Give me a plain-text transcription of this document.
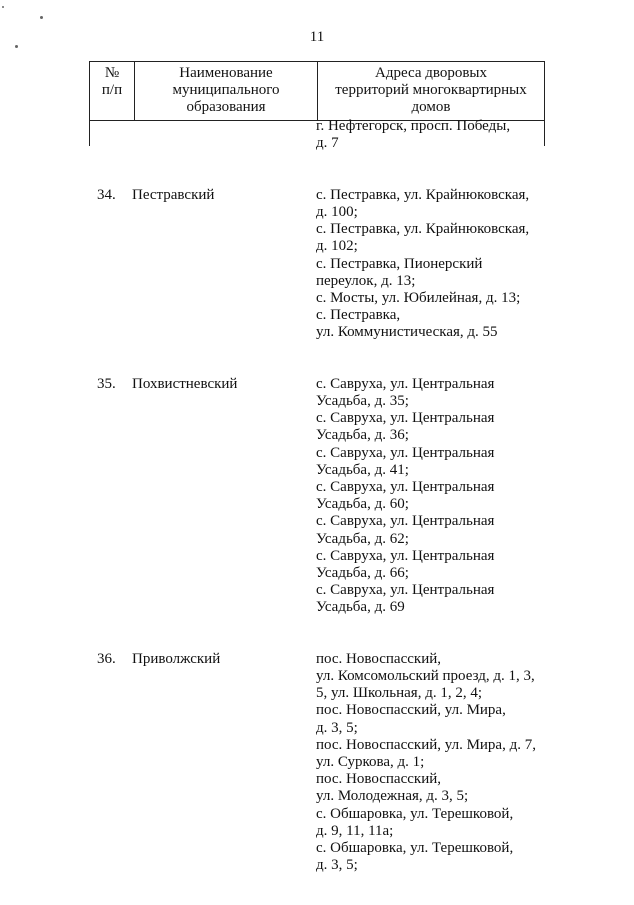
11
№
п/п

Наименование
муниципального
образования

Адреса дворовых
территорий многоквартирных
домов
г. Нефтегорск, просп. Победы,
д. 7
34. Пестравский	с. Пестравка, ул. Крайнюковская,
д. 100;
с. Пестравка, ул. Крайнюковская,
д. 102;
с. Пестравка, Пионерский
переулок, д. 13;
с. Мосты, ул. Юбилейная, д. 13;
с. Пестравка,
ул. Коммунистическая, д. 55
35. Похвистневский	с. Савруха, ул. Центральная
Усадьба, д. 35;
с. Савруха, ул. Центральная
Усадьба, д. 36;
с. Савруха, ул. Центральная
Усадьба, д. 41;
с. Савруха, ул. Центральная
Усадьба, д. 60;
с. Савруха, ул. Центральная
Усадьба, д. 62;
с. Савруха, ул. Центральная
Усадьба, д. 66;
с. Савруха, ул. Центральная
Усадьба, д. 69
36. Приволжский	пос. Новоспасский,
ул. Комсомольский проезд, д. 1, 3,
5, ул. Школьная, д. 1, 2, 4;
пос. Новоспасский, ул. Мира,
д. 3, 5;
пос. Новоспасский, ул. Мира, д. 7,
ул. Суркова, д. 1;
пос. Новоспасский,
ул. Молодежная, д. 3, 5;
с. Обшаровка, ул. Терешковой,
д. 9, 11, 11а;
с. Обшаровка, ул. Терешковой,
д. 3, 5;
